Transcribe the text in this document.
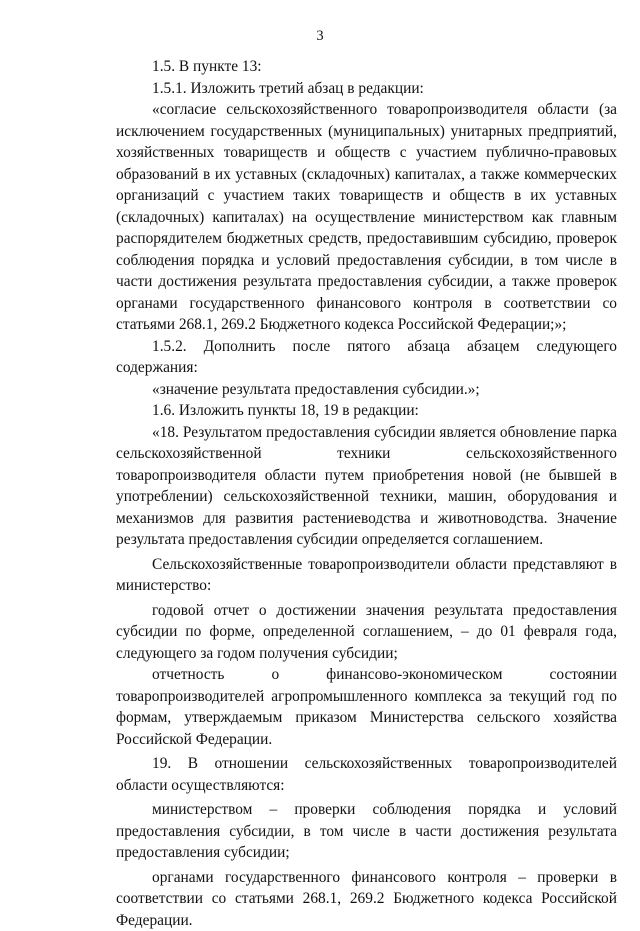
3

1.5. В пункте 13:

1.5.1. Изложить третий абзац в редакции:

«согласие сельскохозяйственного товаропроизводителя области (за исключением государственных (муниципальных) унитарных предприятий, хозяйственных товариществ и обществ с участием публично-правовых образований в их уставных (складочных) капиталах, а также коммерческих организаций с участием таких товариществ и обществ в их уставных (складочных) капиталах) на осуществление министерством как главным распорядителем бюджетных средств, предоставившим субсидию, проверок соблюдения порядка и условий предоставления субсидии, в том числе в части достижения результата предоставления субсидии, а также проверок органами государственного финансового контроля в соответствии со статьями 268.1, 269.2 Бюджетного кодекса Российской Федерации;»;

1.5.2. Дополнить после пятого абзаца абзацем следующего содержания:

«значение результата предоставления субсидии.»;

1.6. Изложить пункты 18, 19 в редакции:

«18. Результатом предоставления субсидии является обновление парка сельскохозяйственной техники сельскохозяйственного товаропроизводителя области путем приобретения новой (не бывшей в употреблении) сельскохозяйственной техники, машин, оборудования и механизмов для развития растениеводства и животноводства. Значение результата предоставления субсидии определяется соглашением.

Сельскохозяйственные товаропроизводители области представляют в министерство:

годовой отчет о достижении значения результата предоставления субсидии по форме, определенной соглашением, – до 01 февраля года, следующего за годом получения субсидии;

отчетность о финансово-экономическом состоянии товаропроизводителей агропромышленного комплекса за текущий год по формам, утверждаемым приказом Министерства сельского хозяйства Российской Федерации.

19. В отношении сельскохозяйственных товаропроизводителей области осуществляются:

министерством – проверки соблюдения порядка и условий предоставления субсидии, в том числе в части достижения результата предоставления субсидии;

органами государственного финансового контроля – проверки в соответствии со статьями 268.1, 269.2 Бюджетного кодекса Российской Федерации.
